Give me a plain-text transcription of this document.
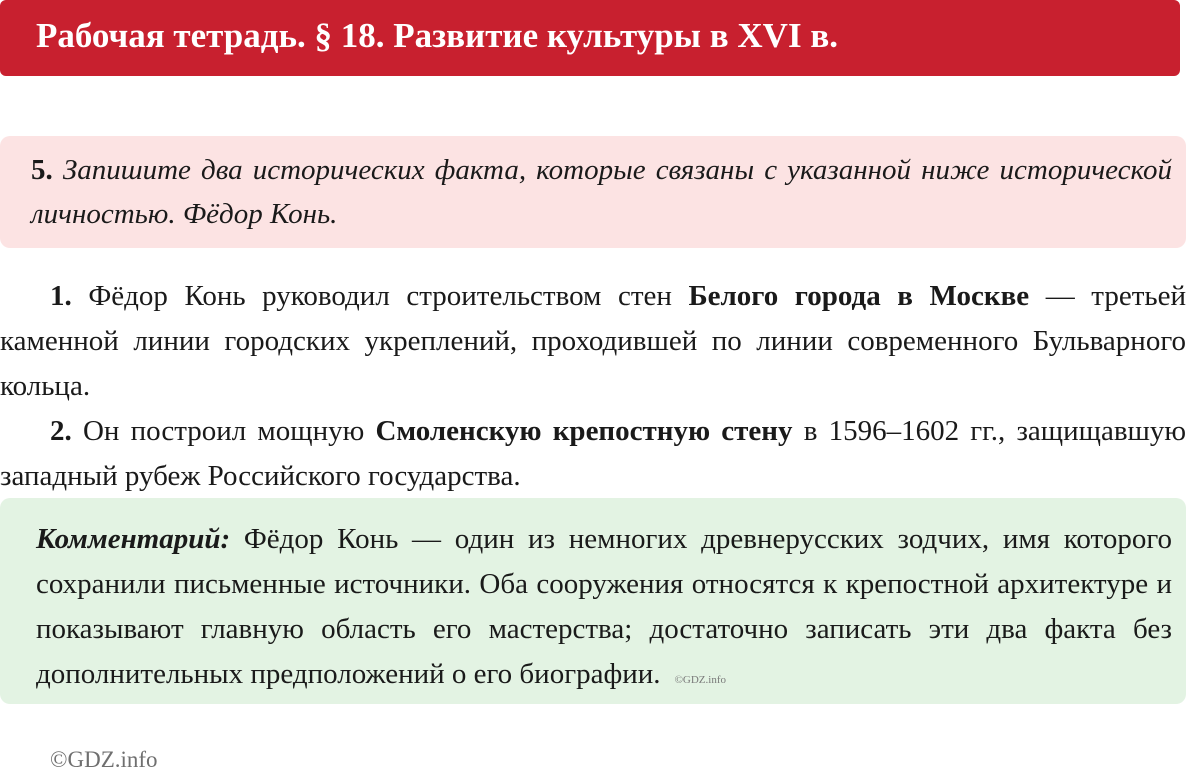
Рабочая тетрадь. § 18. Развитие культуры в XVI в.
5. Запишите два исторических факта, которые связаны с указанной ниже исторической личностью. Фёдор Конь.

1. Фёдор Конь руководил строительством стен Белого города в Москве — третьей каменной линии городских укреплений, проходившей по линии современного Бульварного кольца.

2. Он построил мощную Смоленскую крепостную стену в 1596–1602 гг., защищавшую западный рубеж Российского государства.

Комментарий: Фёдор Конь — один из немногих древнерусских зодчих, имя которого сохранили письменные источники. Оба сооружения относятся к крепостной архитектуре и показывают главную область его мастерства; достаточно записать эти два факта без дополнительных предположений о его биографии. ©GDZ.info
©GDZ.info
